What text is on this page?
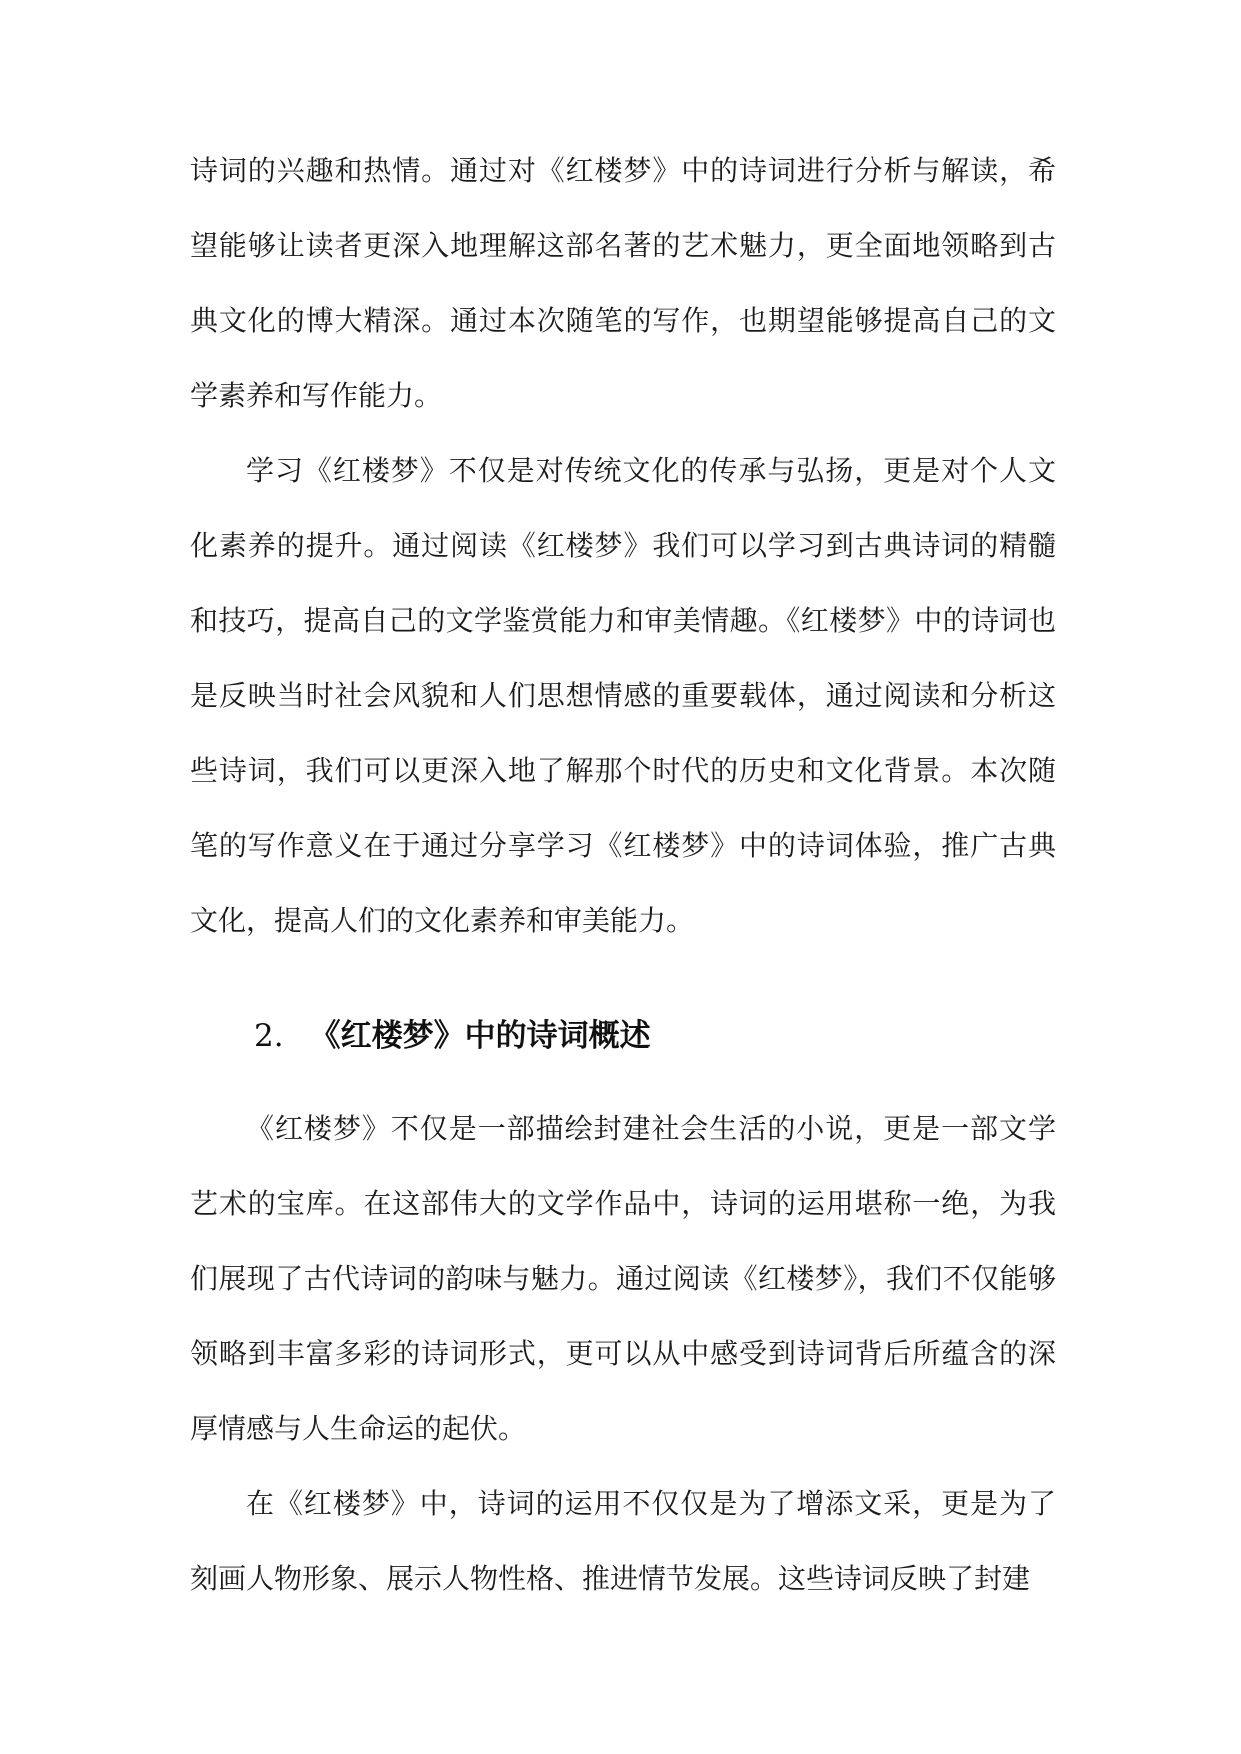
诗词的兴趣和热情。通过对《红楼梦》中的诗词进行分析与解读，希望能够让读者更深入地理解这部名著的艺术魅力，更全面地领略到古典文化的博大精深。通过本次随笔的写作，也期望能够提高自己的文学素养和写作能力。

学习《红楼梦》不仅是对传统文化的传承与弘扬，更是对个人文化素养的提升。通过阅读《红楼梦》我们可以学习到古典诗词的精髓和技巧，提高自己的文学鉴赏能力和审美情趣。《红楼梦》中的诗词也是反映当时社会风貌和人们思想情感的重要载体，通过阅读和分析这些诗词，我们可以更深入地了解那个时代的历史和文化背景。本次随笔的写作意义在于通过分享学习《红楼梦》中的诗词体验，推广古典文化，提高人们的文化素养和审美能力。

2. 《红楼梦》中的诗词概述

《红楼梦》不仅是一部描绘封建社会生活的小说，更是一部文学艺术的宝库。在这部伟大的文学作品中，诗词的运用堪称一绝，为我们展现了古代诗词的韵味与魅力。通过阅读《红楼梦》，我们不仅能够领略到丰富多彩的诗词形式，更可以从中感受到诗词背后所蕴含的深厚情感与人生命运的起伏。

在《红楼梦》中，诗词的运用不仅仅是为了增添文采，更是为了刻画人物形象、展示人物性格、推进情节发展。这些诗词反映了封建
